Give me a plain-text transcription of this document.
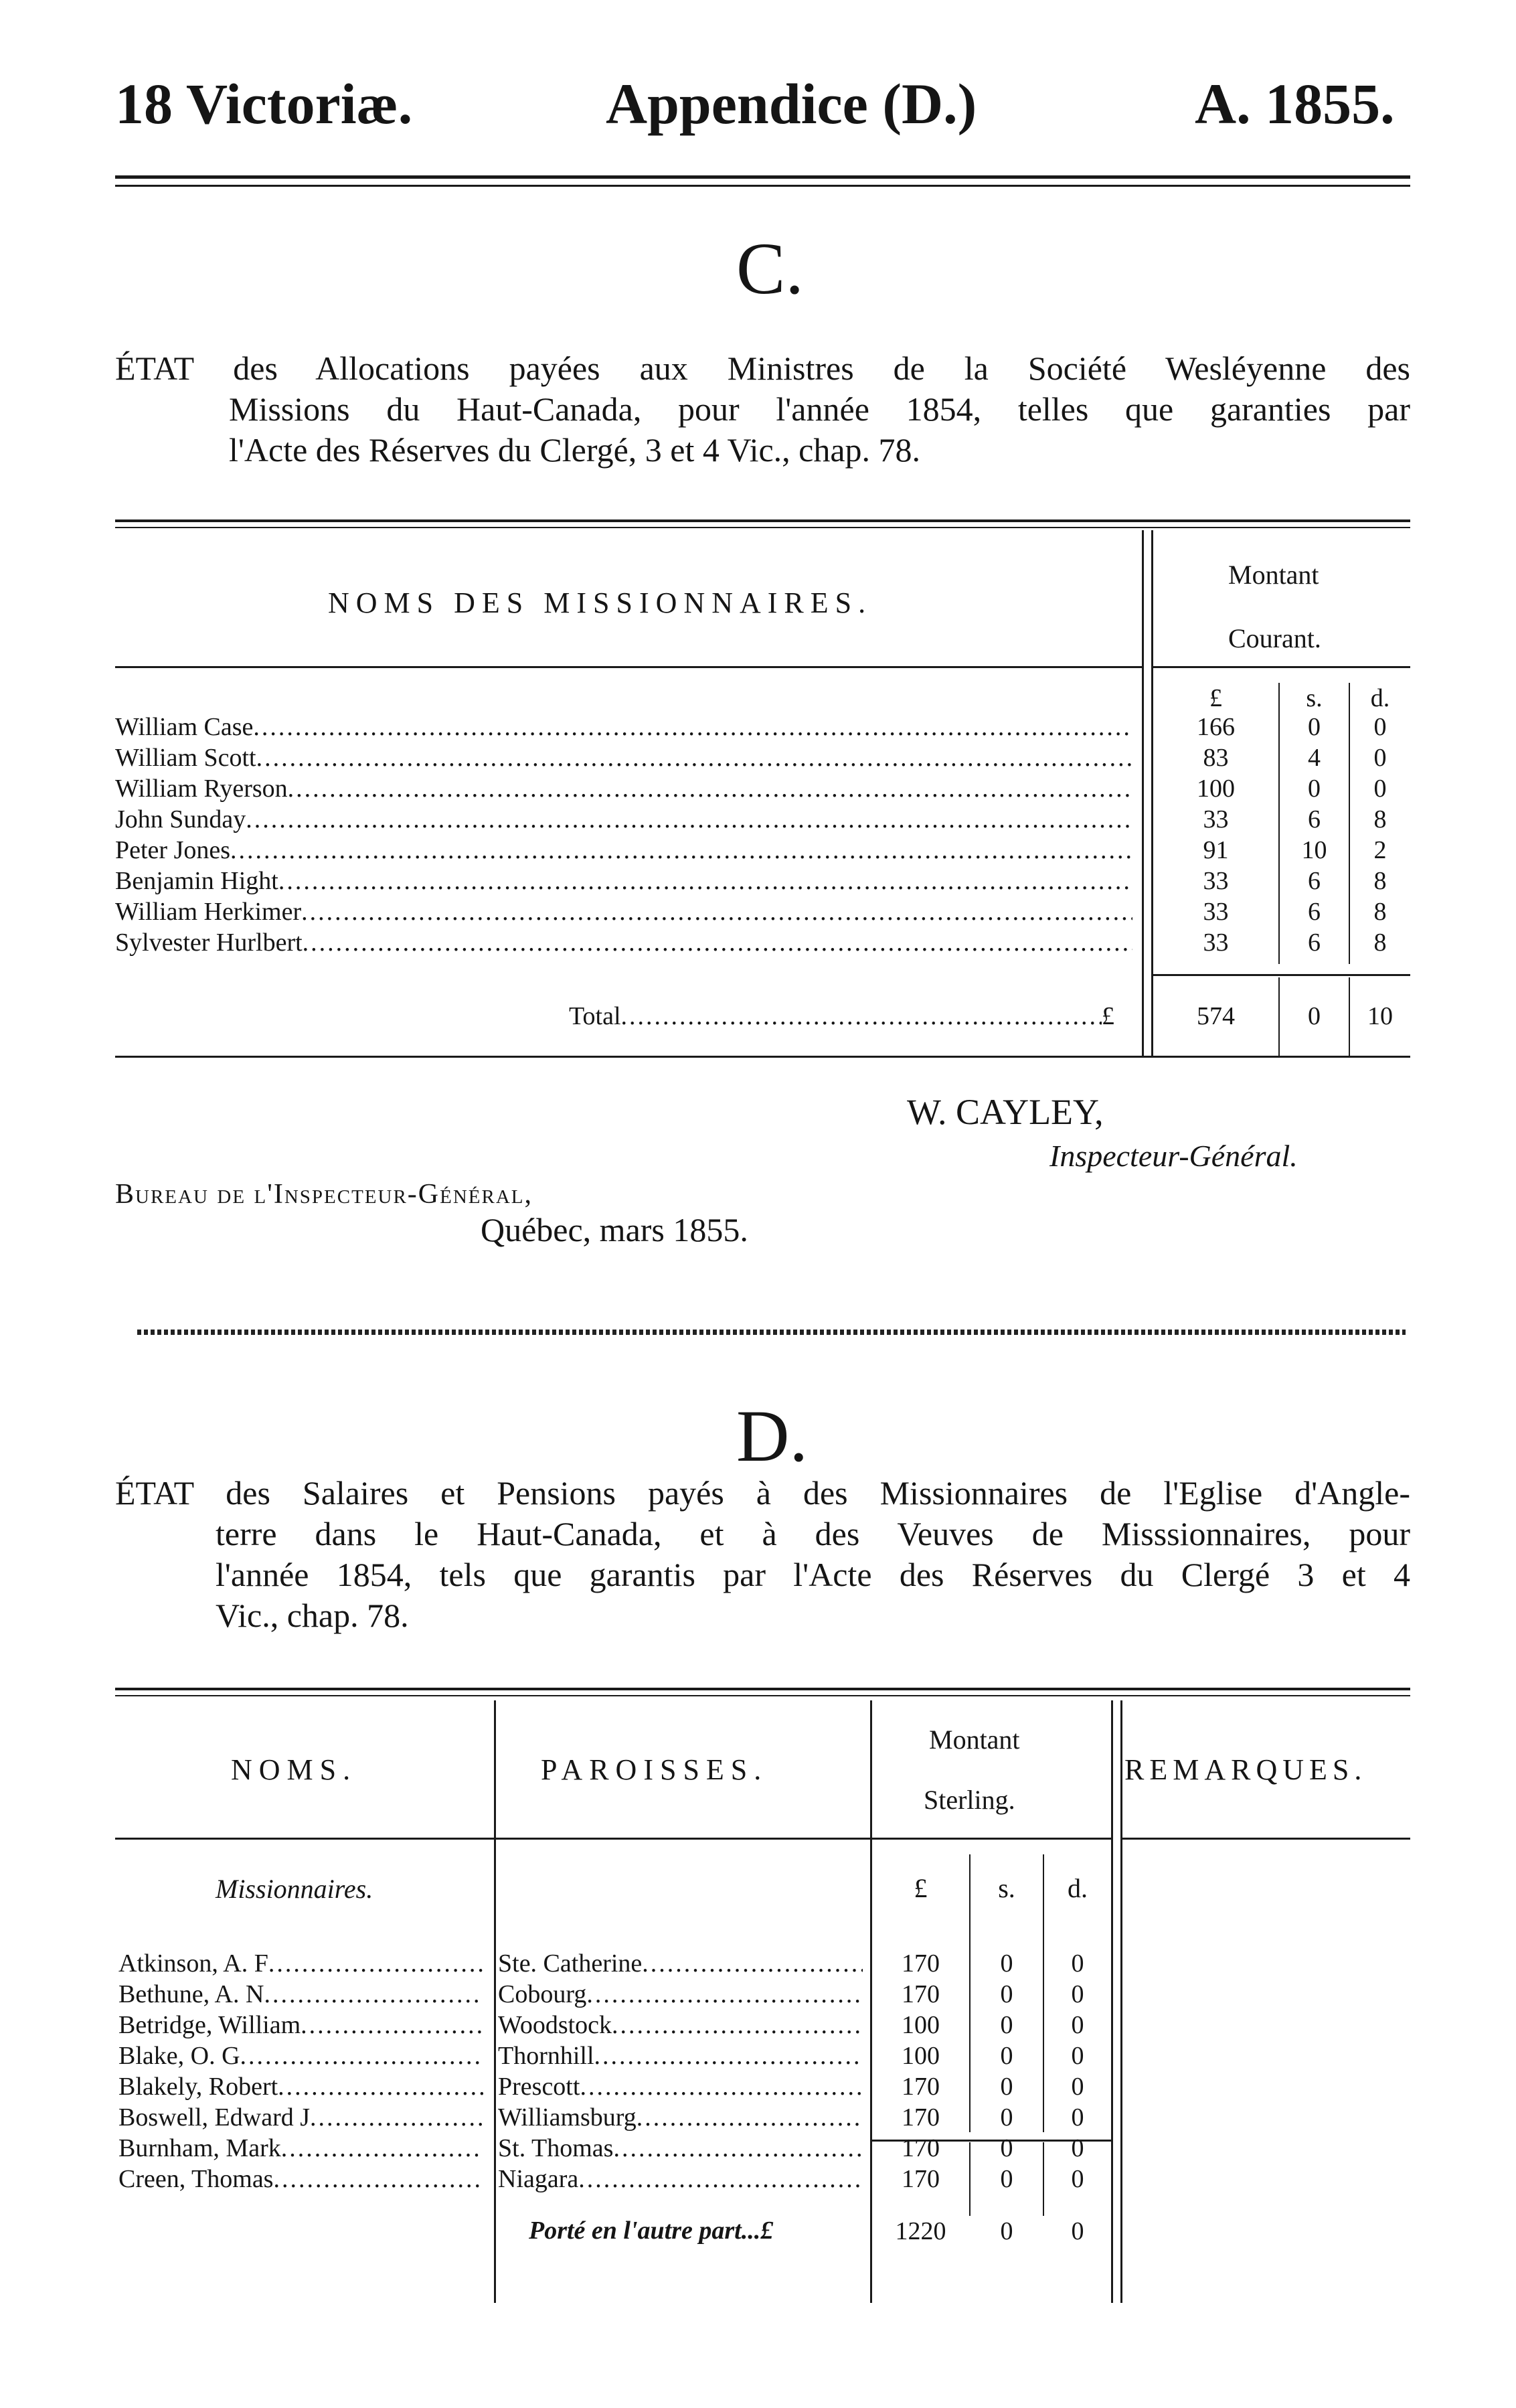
18 Victoriæ.	Appendice (D.)	A. 1855.
C.
ÉTAT des Allocations payées aux Ministres de la Société Wesléyenne des
Missions du Haut-Canada, pour l'année 1854, telles que garanties par
l'Acte des Réserves du Clergé, 3 et 4 Vic., chap. 78.
NOMS DES MISSIONNAIRES.
Montant
Courant.
£	s.	d.
William Case .....	166	0	0
William Scott .....	83	4	0
William Ryerson .....	100	0	0
John Sunday .....	33	6	8
Peter Jones .....	91	10	2
Benjamin Hight .....	33	6	8
William Herkimer .....	33	6	8
Sylvester Hurlbert .....	33	6	8
Total .....	£	574	0	10
W. CAYLEY,
Inspecteur-Général.
Bureau de l'Inspecteur-Général,
Québec, mars 1855.
D.
ÉTAT des Salaires et Pensions payés à des Missionnaires de l'Eglise d'Angle-
terre dans le Haut-Canada, et à des Veuves de Misssionnaires, pour
l'année 1854, tels que garantis par l'Acte des Réserves du Clergé 3 et 4
Vic., chap. 78.
NOMS.	PAROISSES.
Montant
Sterling.
REMARQUES.
Missionnaires.	£	s.	d.
Atkinson, A. F .....	Ste. Catherine .....	170	0	0
Bethune, A. N .....	Cobourg .....	170	0	0
Betridge, William .....	Woodstock .....	100	0	0
Blake, O. G .....	Thornhill .....	100	0	0
Blakely, Robert .....	Prescott .....	170	0	0
Boswell, Edward J .....	Williamsburg .....	170	0	0
Burnham, Mark .....	St. Thomas .....	170	0	0
Creen, Thomas .....	Niagara .....	170	0	0
Porté en l'autre part...£	1220	0	0
